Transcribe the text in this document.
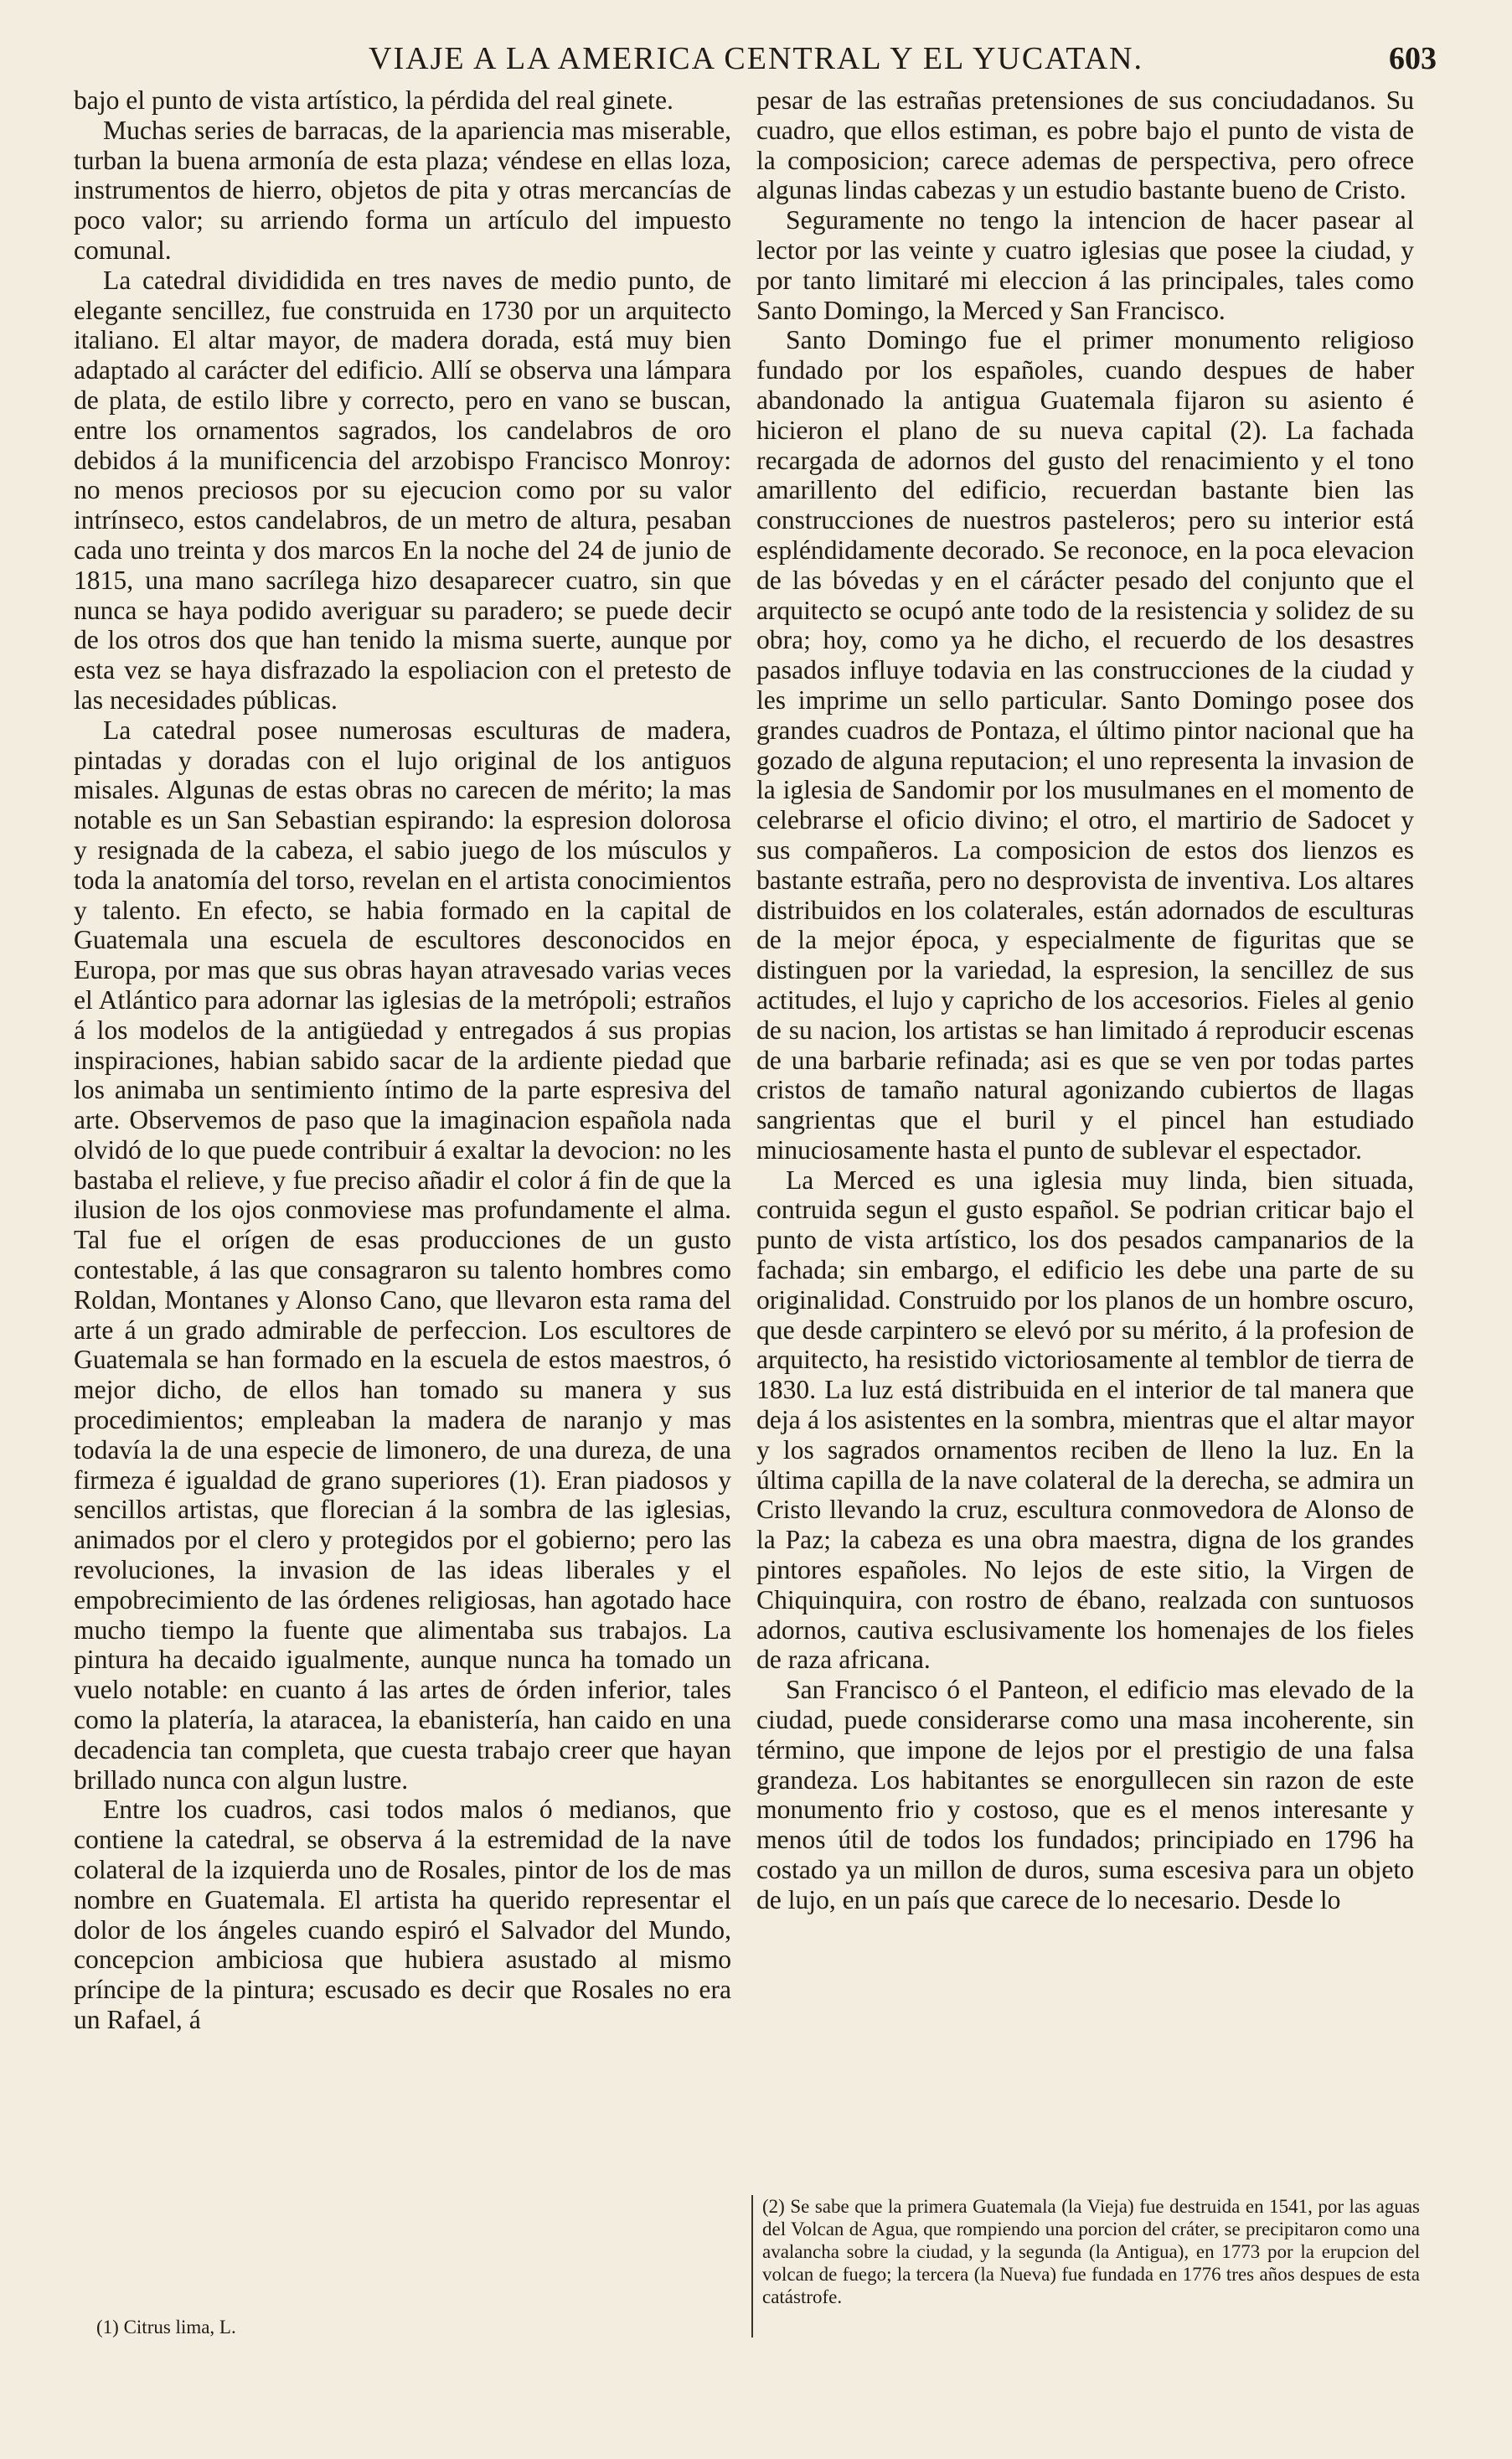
VIAJE A LA AMERICA CENTRAL Y EL YUCATAN.	603

bajo el punto de vista artístico, la pérdida del real ginete.

Muchas series de barracas, de la apariencia mas miserable, turban la buena armonía de esta plaza; véndese en ellas loza, instrumentos de hierro, objetos de pita y otras mercancías de poco valor; su arriendo forma un artículo del impuesto comunal.

La catedral divididida en tres naves de medio punto, de elegante sencillez, fue construida en 1730 por un arquitecto italiano. El altar mayor, de madera dorada, está muy bien adaptado al carácter del edificio. Allí se observa una lámpara de plata, de estilo libre y correcto, pero en vano se buscan, entre los ornamentos sagrados, los candelabros de oro debidos á la munificencia del arzobispo Francisco Monroy: no menos preciosos por su ejecucion como por su valor intrínseco, estos candelabros, de un metro de altura, pesaban cada uno treinta y dos marcos En la noche del 24 de junio de 1815, una mano sacrílega hizo desaparecer cuatro, sin que nunca se haya podido averiguar su paradero; se puede decir de los otros dos que han tenido la misma suerte, aunque por esta vez se haya disfrazado la espoliacion con el pretesto de las necesidades públicas.

La catedral posee numerosas esculturas de madera, pintadas y doradas con el lujo original de los antiguos misales. Algunas de estas obras no carecen de mérito; la mas notable es un San Sebastian espirando: la espresion dolorosa y resignada de la cabeza, el sabio juego de los músculos y toda la anatomía del torso, revelan en el artista conocimientos y talento. En efecto, se habia formado en la capital de Guatemala una escuela de escultores desconocidos en Europa, por mas que sus obras hayan atravesado varias veces el Atlántico para adornar las iglesias de la metrópoli; estraños á los modelos de la antigüedad y entregados á sus propias inspiraciones, habian sabido sacar de la ardiente piedad que los animaba un sentimiento íntimo de la parte espresiva del arte. Observemos de paso que la imaginacion española nada olvidó de lo que puede contribuir á exaltar la devocion: no les bastaba el relieve, y fue preciso añadir el color á fin de que la ilusion de los ojos conmoviese mas profundamente el alma. Tal fue el orígen de esas producciones de un gusto contestable, á las que consagraron su talento hombres como Roldan, Montanes y Alonso Cano, que llevaron esta rama del arte á un grado admirable de perfeccion. Los escultores de Guatemala se han formado en la escuela de estos maestros, ó mejor dicho, de ellos han tomado su manera y sus procedimientos; empleaban la madera de naranjo y mas todavía la de una especie de limonero, de una dureza, de una firmeza é igualdad de grano superiores (1). Eran piadosos y sencillos artistas, que florecian á la sombra de las iglesias, animados por el clero y protegidos por el gobierno; pero las revoluciones, la invasion de las ideas liberales y el empobrecimiento de las órdenes religiosas, han agotado hace mucho tiempo la fuente que alimentaba sus trabajos. La pintura ha decaido igualmente, aunque nunca ha tomado un vuelo notable: en cuanto á las artes de órden inferior, tales como la platería, la ataracea, la ebanistería, han caido en una decadencia tan completa, que cuesta trabajo creer que hayan brillado nunca con algun lustre.

Entre los cuadros, casi todos malos ó medianos, que contiene la catedral, se observa á la estremidad de la nave colateral de la izquierda uno de Rosales, pintor de los de mas nombre en Guatemala. El artista ha querido representar el dolor de los ángeles cuando espiró el Salvador del Mundo, concepcion ambiciosa que hubiera asustado al mismo príncipe de la pintura; escusado es decir que Rosales no era un Rafael, á

pesar de las estrañas pretensiones de sus conciudadanos. Su cuadro, que ellos estiman, es pobre bajo el punto de vista de la composicion; carece ademas de perspectiva, pero ofrece algunas lindas cabezas y un estudio bastante bueno de Cristo.

Seguramente no tengo la intencion de hacer pasear al lector por las veinte y cuatro iglesias que posee la ciudad, y por tanto limitaré mi eleccion á las principales, tales como Santo Domingo, la Merced y San Francisco.

Santo Domingo fue el primer monumento religioso fundado por los españoles, cuando despues de haber abandonado la antigua Guatemala fijaron su asiento é hicieron el plano de su nueva capital (2). La fachada recargada de adornos del gusto del renacimiento y el tono amarillento del edificio, recuerdan bastante bien las construcciones de nuestros pasteleros; pero su interior está espléndidamente decorado. Se reconoce, en la poca elevacion de las bóvedas y en el cárácter pesado del conjunto que el arquitecto se ocupó ante todo de la resistencia y solidez de su obra; hoy, como ya he dicho, el recuerdo de los desastres pasados influye todavia en las construcciones de la ciudad y les imprime un sello particular. Santo Domingo posee dos grandes cuadros de Pontaza, el último pintor nacional que ha gozado de alguna reputacion; el uno representa la invasion de la iglesia de Sandomir por los musulmanes en el momento de celebrarse el oficio divino; el otro, el martirio de Sadocet y sus compañeros. La composicion de estos dos lienzos es bastante estraña, pero no desprovista de inventiva. Los altares distribuidos en los colaterales, están adornados de esculturas de la mejor época, y especialmente de figuritas que se distinguen por la variedad, la espresion, la sencillez de sus actitudes, el lujo y capricho de los accesorios. Fieles al genio de su nacion, los artistas se han limitado á reproducir escenas de una barbarie refinada; asi es que se ven por todas partes cristos de tamaño natural agonizando cubiertos de llagas sangrientas que el buril y el pincel han estudiado minuciosamente hasta el punto de sublevar el espectador.

La Merced es una iglesia muy linda, bien situada, contruida segun el gusto español. Se podrian criticar bajo el punto de vista artístico, los dos pesados campanarios de la fachada; sin embargo, el edificio les debe una parte de su originalidad. Construido por los planos de un hombre oscuro, que desde carpintero se elevó por su mérito, á la profesion de arquitecto, ha resistido victoriosamente al temblor de tierra de 1830. La luz está distribuida en el interior de tal manera que deja á los asistentes en la sombra, mientras que el altar mayor y los sagrados ornamentos reciben de lleno la luz. En la última capilla de la nave colateral de la derecha, se admira un Cristo llevando la cruz, escultura conmovedora de Alonso de la Paz; la cabeza es una obra maestra, digna de los grandes pintores españoles. No lejos de este sitio, la Virgen de Chiquinquira, con rostro de ébano, realzada con suntuosos adornos, cautiva esclusivamente los homenajes de los fieles de raza africana.

San Francisco ó el Panteon, el edificio mas elevado de la ciudad, puede considerarse como una masa incoherente, sin término, que impone de lejos por el prestigio de una falsa grandeza. Los habitantes se enorgullecen sin razon de este monumento frio y costoso, que es el menos interesante y menos útil de todos los fundados; principiado en 1796 ha costado ya un millon de duros, suma escesiva para un objeto de lujo, en un país que carece de lo necesario. Desde lo

(1) Citrus lima, L.
(2) Se sabe que la primera Guatemala (la Vieja) fue destruida en 1541, por las aguas del Volcan de Agua, que rompiendo una porcion del cráter, se precipitaron como una avalancha sobre la ciudad, y la segunda (la Antigua), en 1773 por la erupcion del volcan de fuego; la tercera (la Nueva) fue fundada en 1776 tres años despues de esta catástrofe.
